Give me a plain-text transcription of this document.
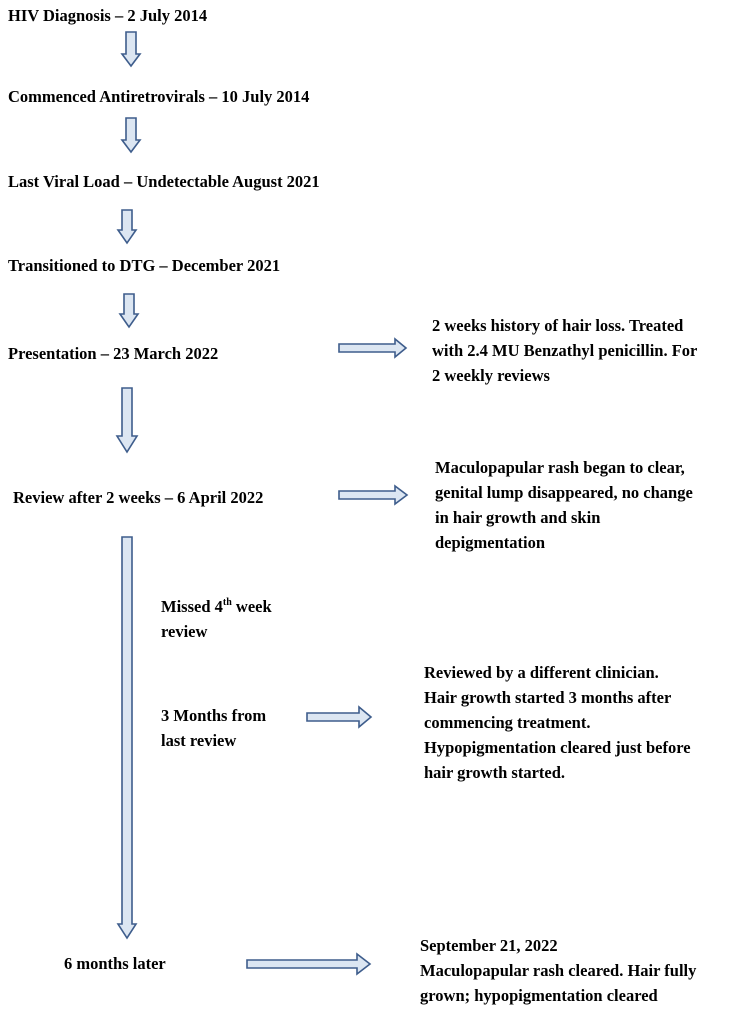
HIV Diagnosis – 2 July 2014
Commenced Antiretrovirals – 10 July 2014
Last Viral Load – Undetectable August 2021
Transitioned to DTG – December 2021
Presentation – 23 March 2022
Review after 2 weeks – 6 April 2022
Missed 4th week
review
3 Months from
last review
6 months later
2 weeks history of hair loss. Treated
with 2.4 MU Benzathyl penicillin. For
2 weekly reviews
Maculopapular rash began to clear,
genital lump disappeared, no change
in hair growth and skin
depigmentation
Reviewed by a different clinician.
Hair growth started 3 months after
commencing treatment.
Hypopigmentation cleared just before
hair growth started.
September 21, 2022
Maculopapular rash cleared. Hair fully
grown; hypopigmentation cleared
